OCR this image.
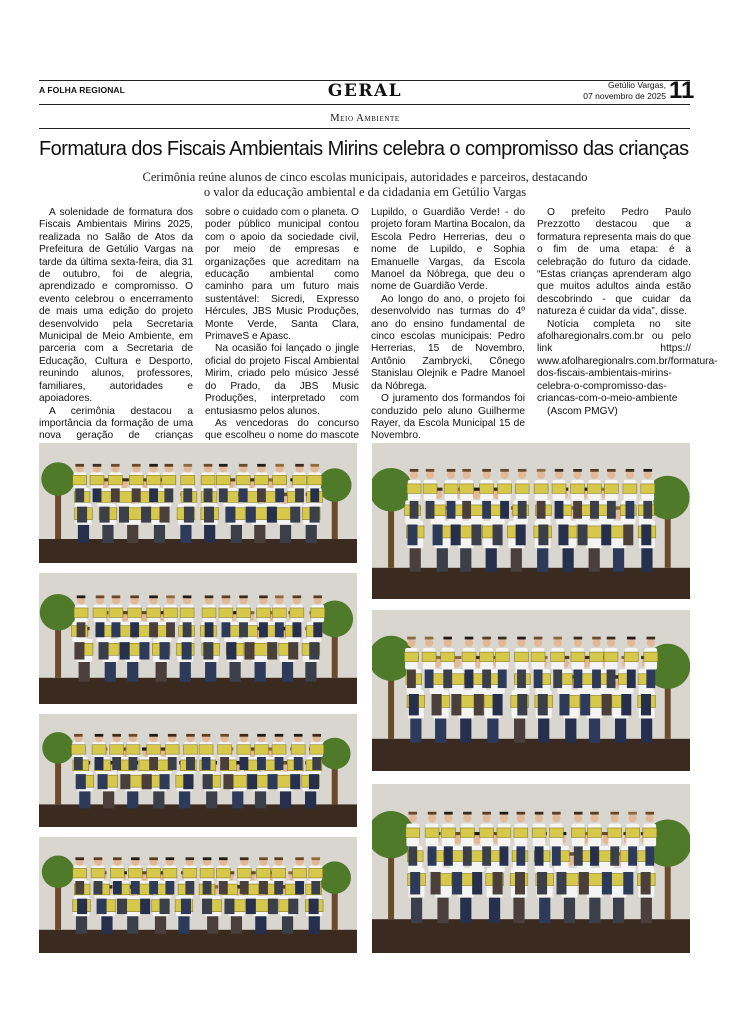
A FOLHA REGIONAL	GERAL	Getúlio Vargas,
07 novembro de 2025 11
Meio Ambiente
Formatura dos Fiscais Ambientais Mirins celebra o compromisso das crianças
Cerimônia reúne alunos de cinco escolas municipais, autoridades e parceiros, destacando o valor da educação ambiental e da cidadania em Getúlio Vargas

A solenidade de formatura dos Fiscais Ambientais Mirins 2025, realizada no Salão de Atos da Prefeitura de Getúlio Vargas na tarde da última sexta-feira, dia 31 de outubro, foi de alegria, aprendizado e compromisso. O evento celebrou o encerramento de mais uma edição do projeto desenvolvido pela Secretaria Municipal de Meio Ambiente, em parceria com a Secretaria de Educação, Cultura e Desporto, reunindo alunos, professores, familiares, autoridades e apoiadores.

A cerimônia destacou a importância da formação de uma nova geração de crianças

sobre o cuidado com o planeta. O poder público municipal contou com o apoio da sociedade civil, por meio de empresas e organizações que acreditam na educação ambiental como caminho para um futuro mais sustentável: Sicredi, Expresso Hércules, JBS Music Produções, Monte Verde, Santa Clara, PrimaveS e Apasc.

Na ocasião foi lançado o jingle oficial do projeto Fiscal Ambiental Mirim, criado pelo músico Jessé do Prado, da JBS Music Produções, interpretado com entusiasmo pelos alunos.

As vencedoras do concurso que escolheu o nome do mascote

Lupildo, o Guardião Verde! - do projeto foram Martina Bocalon, da Escola Pedro Herrerias, deu o nome de Lupildo, e Sophia Emanuelle Vargas, da Escola Manoel da Nóbrega, que deu o nome de Guardião Verde.

Ao longo do ano, o projeto foi desenvolvido nas turmas do 4º ano do ensino fundamental de cinco escolas municipais: Pedro Herrerias, 15 de Novembro, Antônio Zambrycki, Cônego Stanislau Olejnik e Padre Manoel da Nóbrega.

O juramento dos formandos foi conduzido pelo aluno Guilherme Rayer, da Escola Municipal 15 de Novembro.

O prefeito Pedro Paulo Prezzotto destacou que a formatura representa mais do que o fim de uma etapa: é a celebração do futuro da cidade. “Estas crianças aprenderam algo que muitos adultos ainda estão descobrindo - que cuidar da natureza é cuidar da vida”, disse.

Notícia completa no site afolharegionalrs.com.br ou pelo link https:// www.afolharegionalrs.com.br/formatura-dos-fiscais-ambientais-mirins-celebra-o-compromisso-das-criancas-com-o-meio-ambiente

(Ascom PMGV)
